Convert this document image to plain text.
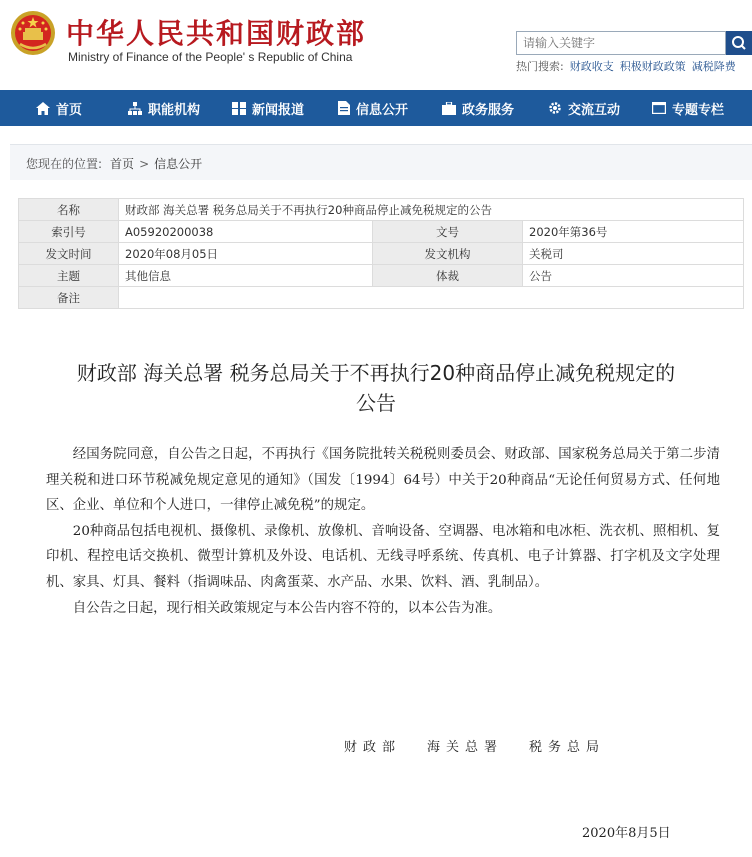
中华人民共和国财政部
Ministry of Finance of the People' s Republic of China
请输入关键字
热门搜索: 财政收支 积极财政政策 减税降费
首页	职能机构	新闻报道	信息公开	政务服务	交流互动	专题专栏
您现在的位置: 首页 > 信息公开
名称	财政部 海关总署 税务总局关于不再执行20种商品停止减免税规定的公告		
索引号	A05920200038	文号	2020年第36号
发文时间	2020年08月05日	发文机构	关税司
主题	其他信息	体裁	公告
备注			
财政部 海关总署 税务总局关于不再执行20种商品停止减免税规定的
公告

经国务院同意，自公告之日起，不再执行《国务院批转关税税则委员会、财政部、国家税务总局关于第二步清理关税和进口环节税减免规定意见的通知》（国发〔1994〕64号）中关于20种商品“无论任何贸易方式、任何地区、企业、单位和个人进口，一律停止减免税”的规定。

20种商品包括电视机、摄像机、录像机、放像机、音响设备、空调器、电冰箱和电冰柜、洗衣机、照相机、复印机、程控电话交换机、微型计算机及外设、电话机、无线寻呼系统、传真机、电子计算器、打字机及文字处理机、家具、灯具、餐料（指调味品、肉禽蛋菜、水产品、水果、饮料、酒、乳制品）。

自公告之日起，现行相关政策规定与本公告内容不符的，以本公告为准。

财政部 海关总署 税务总局
2020年8月5日
